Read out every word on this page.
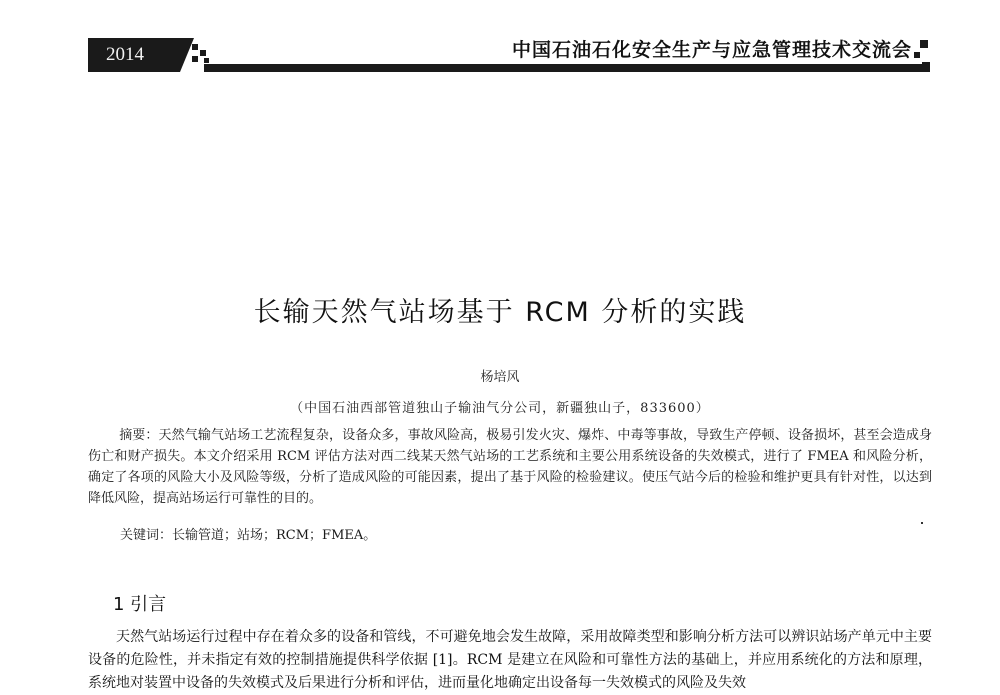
2014	中国石油石化安全生产与应急管理技术交流会
长输天然气站场基于 RCM 分析的实践
杨培风
（中国石油西部管道独山子输油气分公司，新疆独山子，833600）

摘要：天然气输气站场工艺流程复杂，设备众多，事故风险高，极易引发火灾、爆炸、中毒等事故，导致生产停顿、设备损坏，甚至会造成身伤亡和财产损失。本文介绍采用 RCM 评估方法对西二线某天然气站场的工艺系统和主要公用系统设备的失效模式，进行了 FMEA 和风险分析，确定了各项的风险大小及风险等级，分析了造成风险的可能因素，提出了基于风险的检验建议。使压气站今后的检验和维护更具有针对性，以达到降低风险，提高站场运行可靠性的目的。

关键词：长输管道；站场；RCM；FMEA。
1 引言

天然气站场运行过程中存在着众多的设备和管线，不可避免地会发生故障，采用故障类型和影响分析方法可以辨识站场产单元中主要设备的危险性，并未指定有效的控制措施提供科学依据 [1]。RCM 是建立在风险和可靠性方法的基础上，并应用系统化的方法和原理，系统地对装置中设备的失效模式及后果进行分析和评估，进而量化地确定出设备每一失效模式的风险及失效
